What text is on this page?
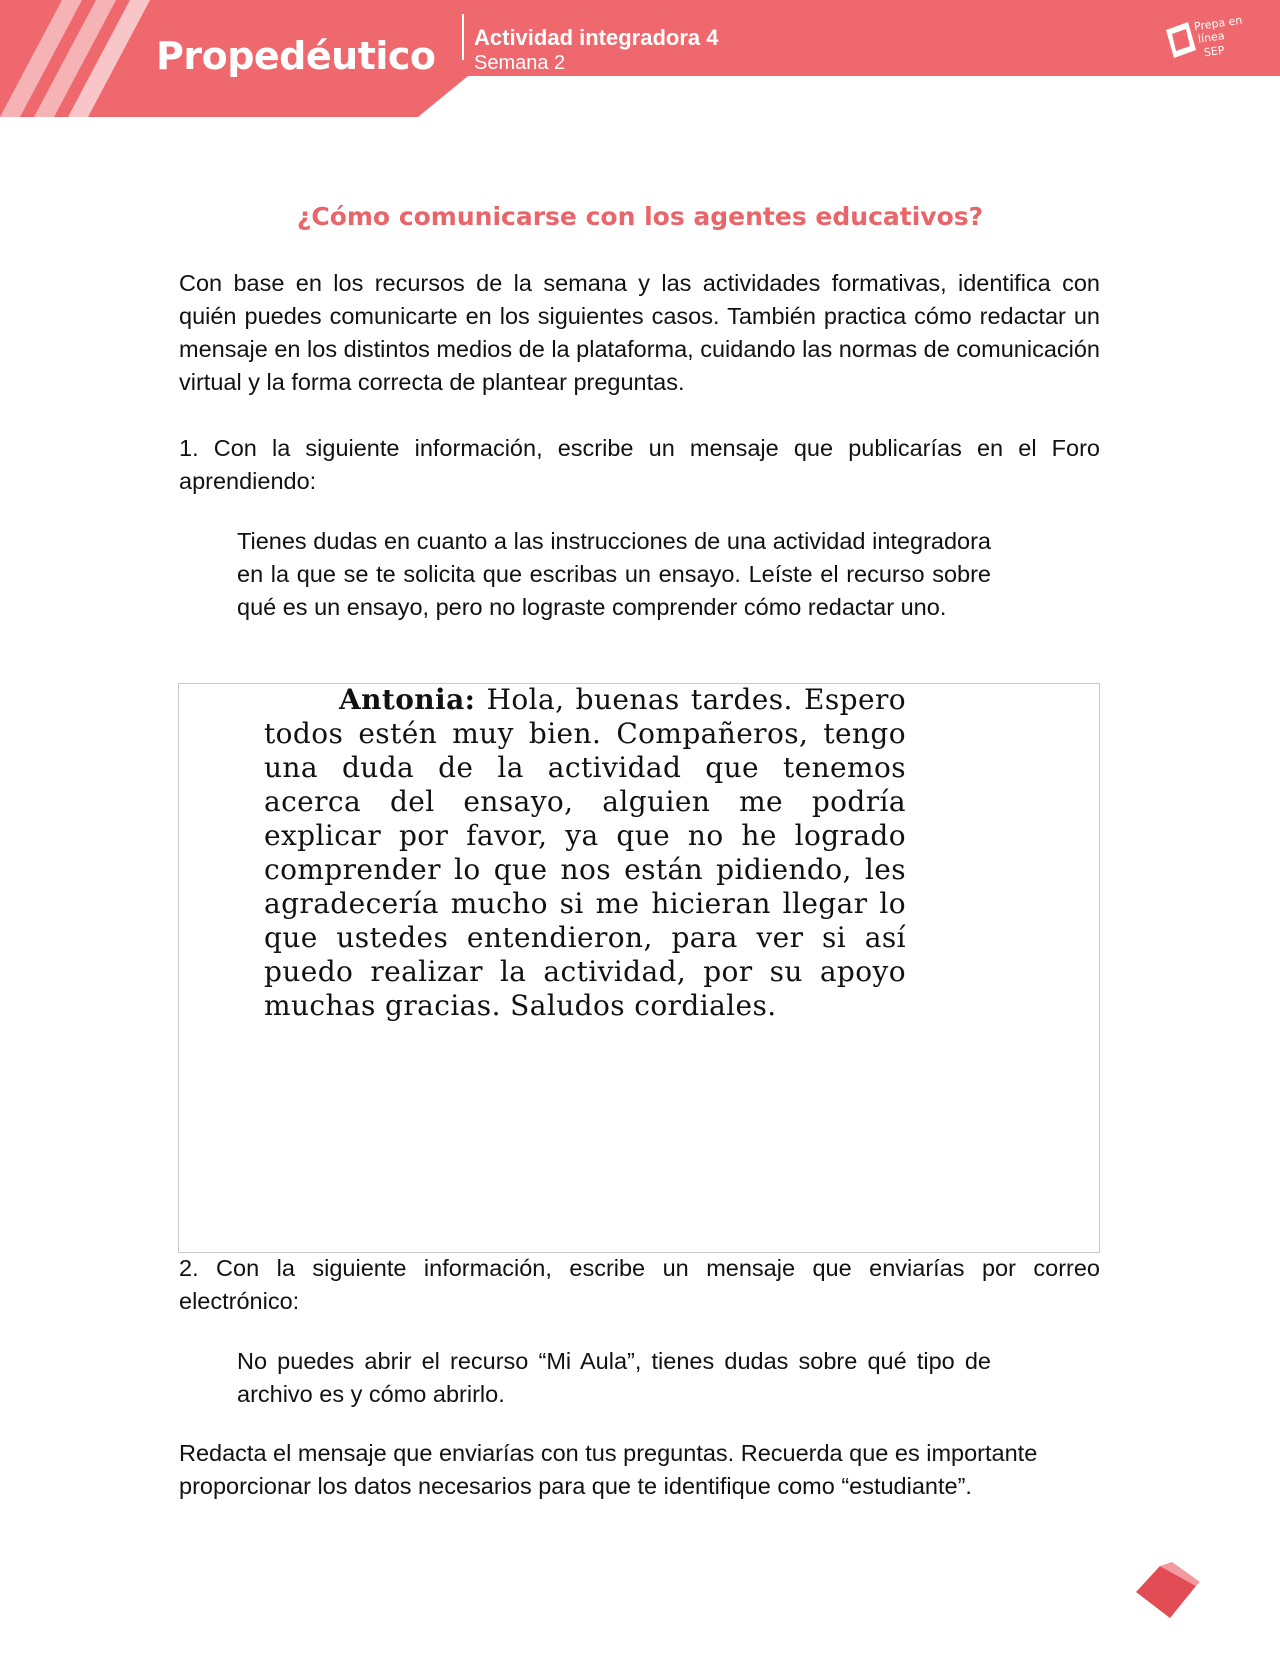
Propedéutico Actividad integradora 4
Semana 2
Prepa en
línea
SEP
¿Cómo comunicarse con los agentes educativos?

Con base en los recursos de la semana y las actividades formativas, identifica con quién puedes comunicarte en los siguientes casos. También practica cómo redactar un mensaje en los distintos medios de la plataforma, cuidando las normas de comunicación virtual y la forma correcta de plantear preguntas.

1. Con la siguiente información, escribe un mensaje que publicarías en el Foro aprendiendo:

Tienes dudas en cuanto a las instrucciones de una actividad integradora en la que se te solicita que escribas un ensayo. Leíste el recurso sobre qué es un ensayo, pero no lograste comprender cómo redactar uno.

Antonia: Hola, buenas tardes. Espero todos estén muy bien. Compañeros, tengo una duda de la actividad que tenemos acerca del ensayo, alguien me podría explicar por favor, ya que no he logrado comprender lo que nos están pidiendo, les agradecería mucho si me hicieran llegar lo que ustedes entendieron, para ver si así puedo realizar la actividad, por su apoyo muchas gracias. Saludos cordiales.

2. Con la siguiente información, escribe un mensaje que enviarías por correo electrónico:

No puedes abrir el recurso “Mi Aula”, tienes dudas sobre qué tipo de archivo es y cómo abrirlo.

Redacta el mensaje que enviarías con tus preguntas. Recuerda que es importante proporcionar los datos necesarios para que te identifique como “estudiante”.
